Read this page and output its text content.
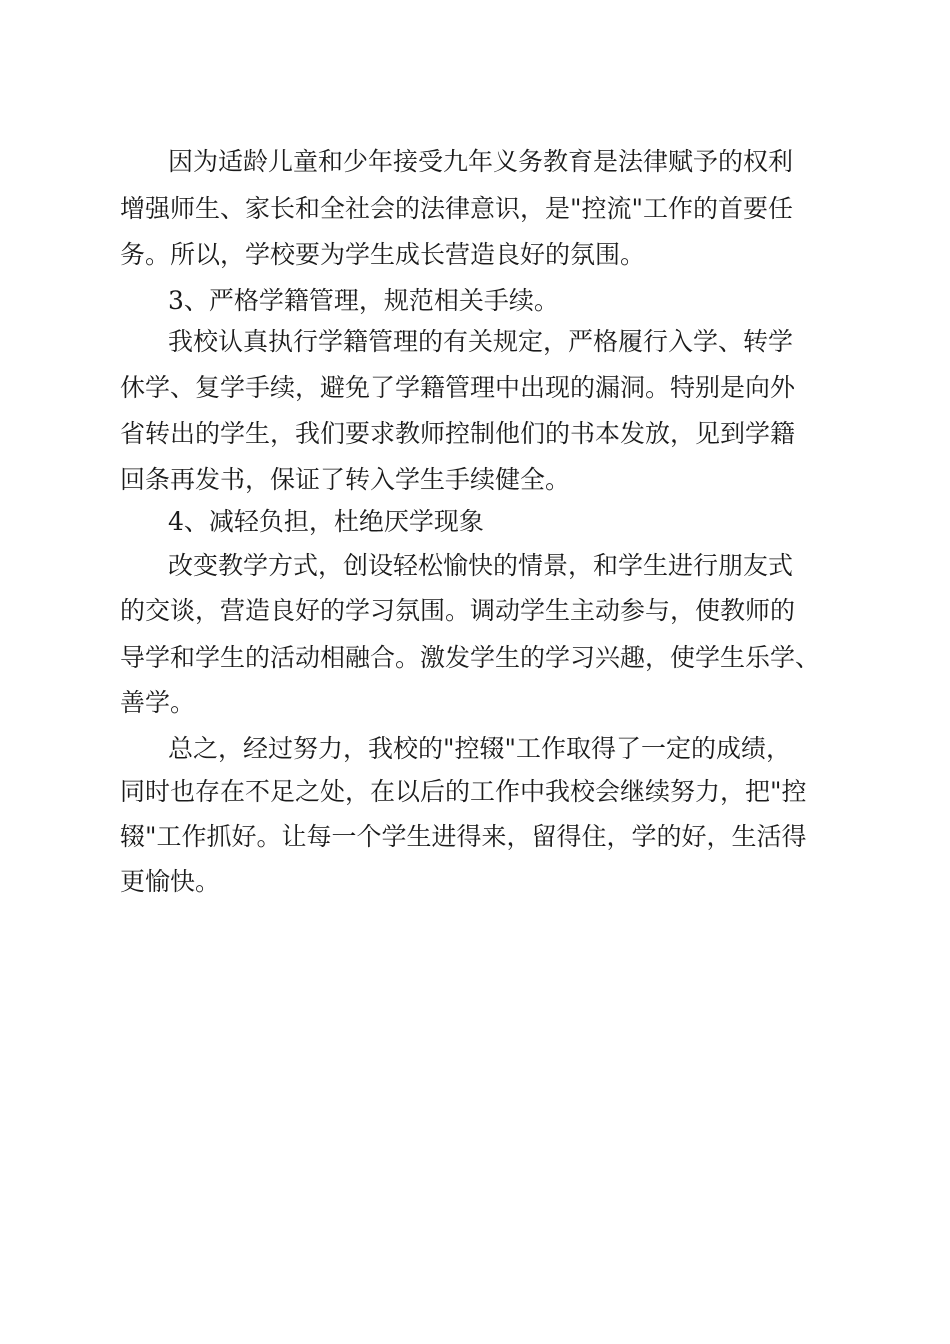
因为适龄儿童和少年接受九年义务教育是法律赋予的权利
增强师生、家长和全社会的法律意识，是"控流"工作的首要任
务。所以，学校要为学生成长营造良好的氛围。
3、严格学籍管理，规范相关手续。
我校认真执行学籍管理的有关规定，严格履行入学、转学
休学、复学手续，避免了学籍管理中出现的漏洞。特别是向外
省转出的学生，我们要求教师控制他们的书本发放，见到学籍
回条再发书，保证了转入学生手续健全。
4、减轻负担，杜绝厌学现象
改变教学方式，创设轻松愉快的情景，和学生进行朋友式
的交谈，营造良好的学习氛围。调动学生主动参与，使教师的
导学和学生的活动相融合。激发学生的学习兴趣，使学生乐学、
善学。
总之，经过努力，我校的"控辍"工作取得了一定的成绩，
同时也存在不足之处，在以后的工作中我校会继续努力，把"控
辍"工作抓好。让每一个学生进得来，留得住，学的好，生活得
更愉快。
